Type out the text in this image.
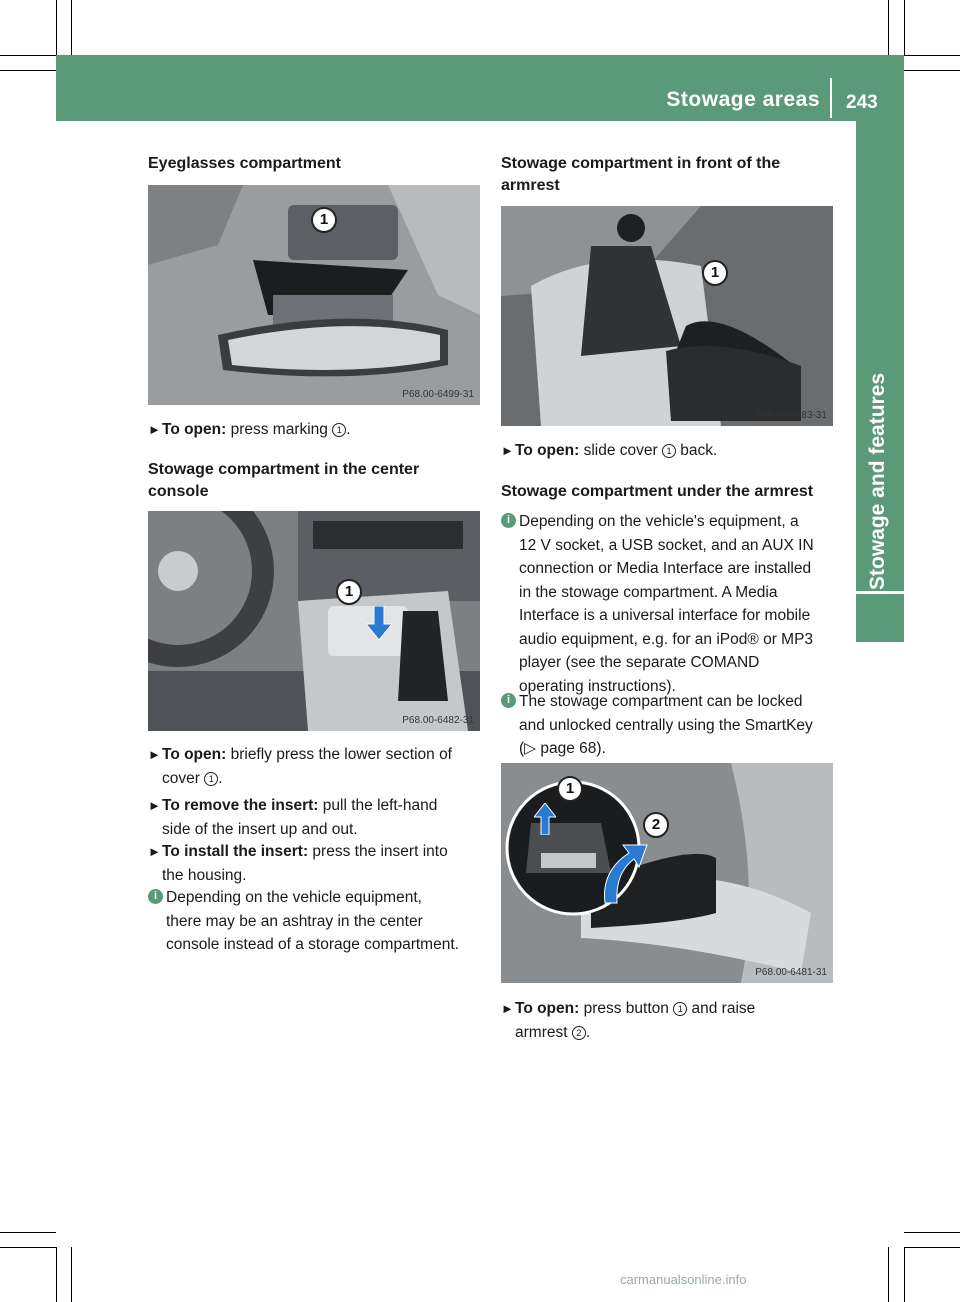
Stowage areas 243
Stowage and features
Eyeglasses compartment
1
P68.00-6499-31
► To open: press marking 1 .
Stowage compartment in the center
console
1
P68.00-6482-31
► To open: briefly press the lower section of
cover 1 .
► To remove the insert: pull the left-hand
side of the insert up and out.
► To install the insert: press the insert into
the housing.
i Depending on the vehicle equipment,
there may be an ashtray in the center
console instead of a storage compartment.
Stowage compartment in front of the
armrest
1
P68.00-6483-31
► To open: slide cover 1 back.
Stowage compartment under the armrest
i Depending on the vehicle's equipment, a
12 V socket, a USB socket, and an AUX IN
connection or Media Interface are installed
in the stowage compartment. A Media
Interface is a universal interface for mobile
audio equipment, e.g. for an iPod® or MP3
player (see the separate COMAND
operating instructions).
i The stowage compartment can be locked
and unlocked centrally using the SmartKey
(▷ page 68).
1
2
P68.00-6481-31
► To open: press button 1 and raise
armrest 2 .
carmanualsonline.info
